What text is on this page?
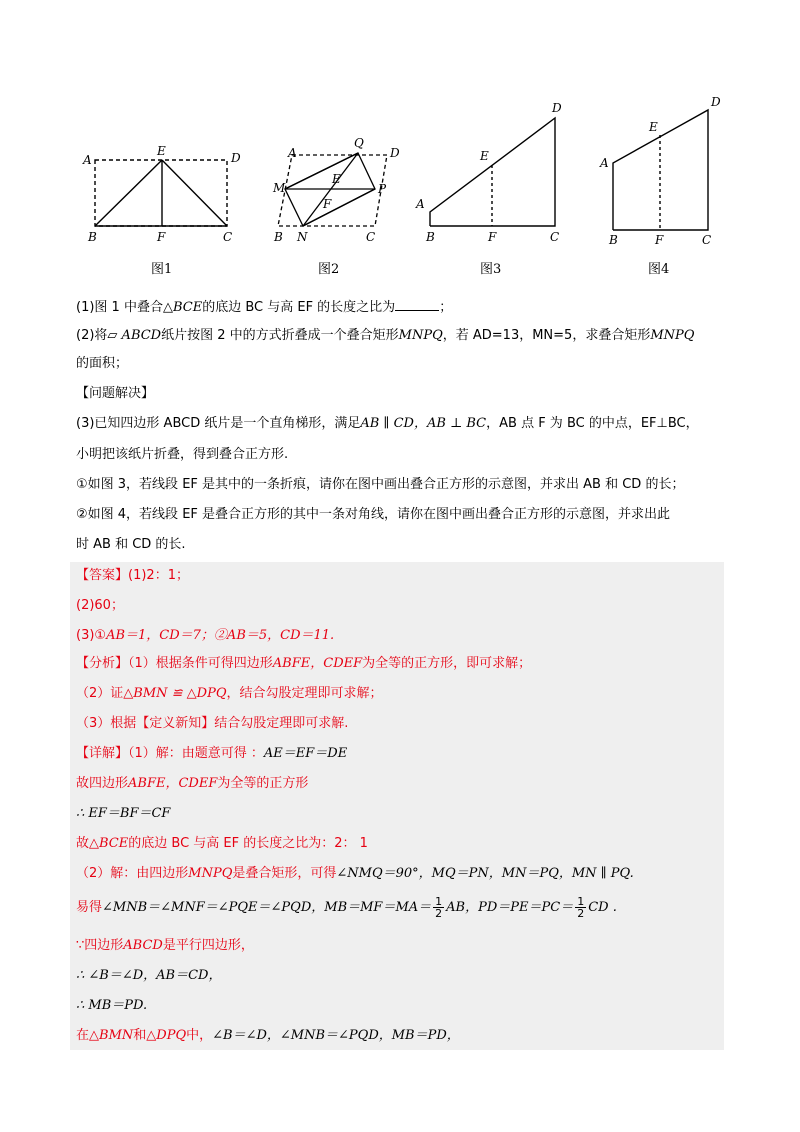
A
E	D
B	F	C
图1
A
Q
D
M
E
P
F
B N	C
图2
D
E
A
B	F	C
图3
D
E
A
B	F	C
图4
(1)图 1 中叠合△BCE的底边 BC 与高 EF 的长度之比为	；
(2)将▱ ABCD纸片按图 2 中的方式折叠成一个叠合矩形MNPQ，若 AD=13，MN=5，求叠合矩形MNPQ
的面积；
【问题解决】
(3)已知四边形 ABCD 纸片是一个直角梯形，满足AB ∥ CD，AB ⊥ BC，AB 点 F 为 BC 的中点，EF⊥BC，
小明把该纸片折叠，得到叠合正方形.
①如图 3，若线段 EF 是其中的一条折痕，请你在图中画出叠合正方形的示意图，并求出 AB 和 CD 的长；
②如图 4，若线段 EF 是叠合正方形的其中一条对角线，请你在图中画出叠合正方形的示意图，并求出此
时 AB 和 CD 的长.
【答案】(1)2：1；
(2)60；
(3)①AB＝1，CD＝7；②AB＝5，CD＝11.
【分析】（1）根据条件可得四边形ABFE，CDEF为全等的正方形，即可求解；
（2）证△BMN ≌ △DPQ，结合勾股定理即可求解；
（3）根据【定义新知】结合勾股定理即可求解.
【详解】（1）解：由题意可得 ：AE＝EF＝DE
故四边形ABFE，CDEF为全等的正方形
∴ EF＝BF＝CF
故△BCE的底边 BC 与高 EF 的长度之比为：2： 1
（2）解：由四边形MNPQ是叠合矩形，可得∠NMQ＝90°，MQ＝PN，MN＝PQ，MN ∥ PQ.
易得∠MNB＝∠MNF＝∠PQE＝∠PQD，$MB=MF=MA= \frac{1}{2}$ AB，$PD=PE=PC= \frac{1}{2}$ CD .
∵四边形ABCD是平行四边形，
∴ ∠B＝∠D，AB＝CD，
∴ MB＝PD.
在△BMN和△DPQ中，∠B＝∠D，∠MNB＝∠PQD，MB＝PD，
